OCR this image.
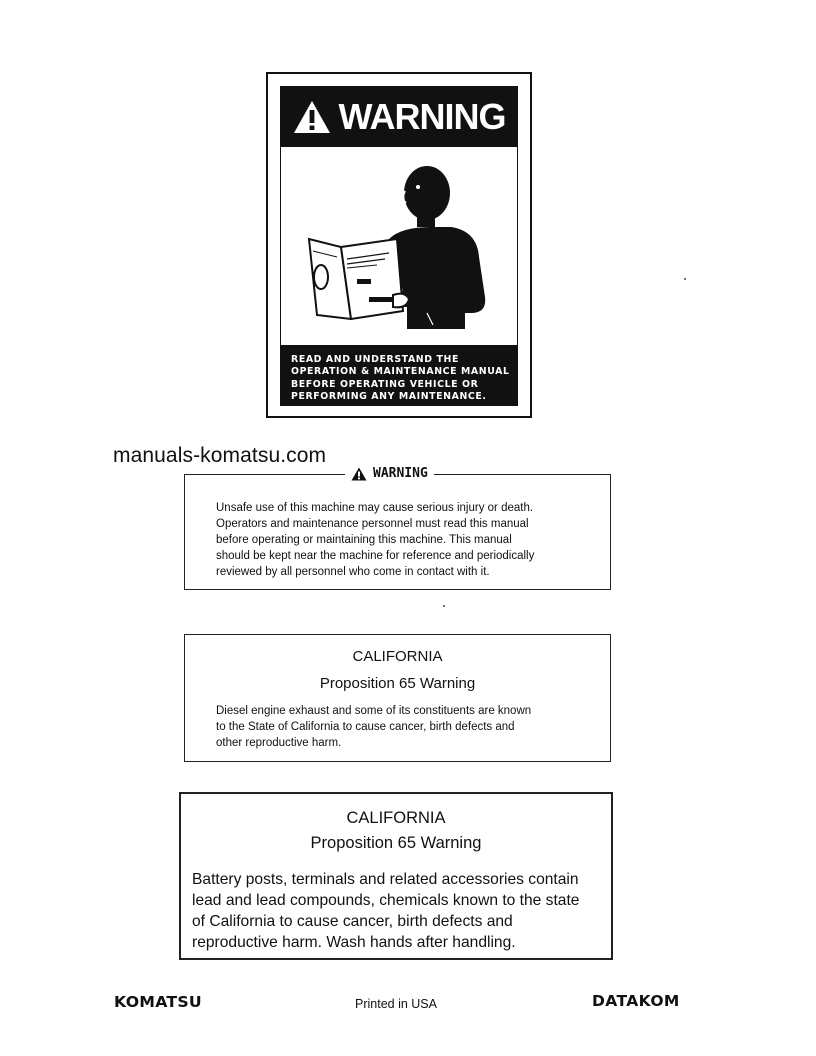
WARNING
READ AND UNDERSTAND THE
OPERATION & MAINTENANCE MANUAL
BEFORE OPERATING VEHICLE OR
PERFORMING ANY MAINTENANCE.
manuals-komatsu.com
WARNING
Unsafe use of this machine may cause serious injury or death.
Operators and maintenance personnel must read this manual
before operating or maintaining this machine. This manual
should be kept near the machine for reference and periodically
reviewed by all personnel who come in contact with it.
CALIFORNIA
Proposition 65 Warning
Diesel engine exhaust and some of its constituents are known
to the State of California to cause cancer, birth defects and
other reproductive harm.
CALIFORNIA
Proposition 65 Warning
Battery posts, terminals and related accessories contain
lead and lead compounds, chemicals known to the state
of California to cause cancer, birth defects and
reproductive harm. Wash hands after handling.
KOMATSU	Printed in USA	DATAKOM
